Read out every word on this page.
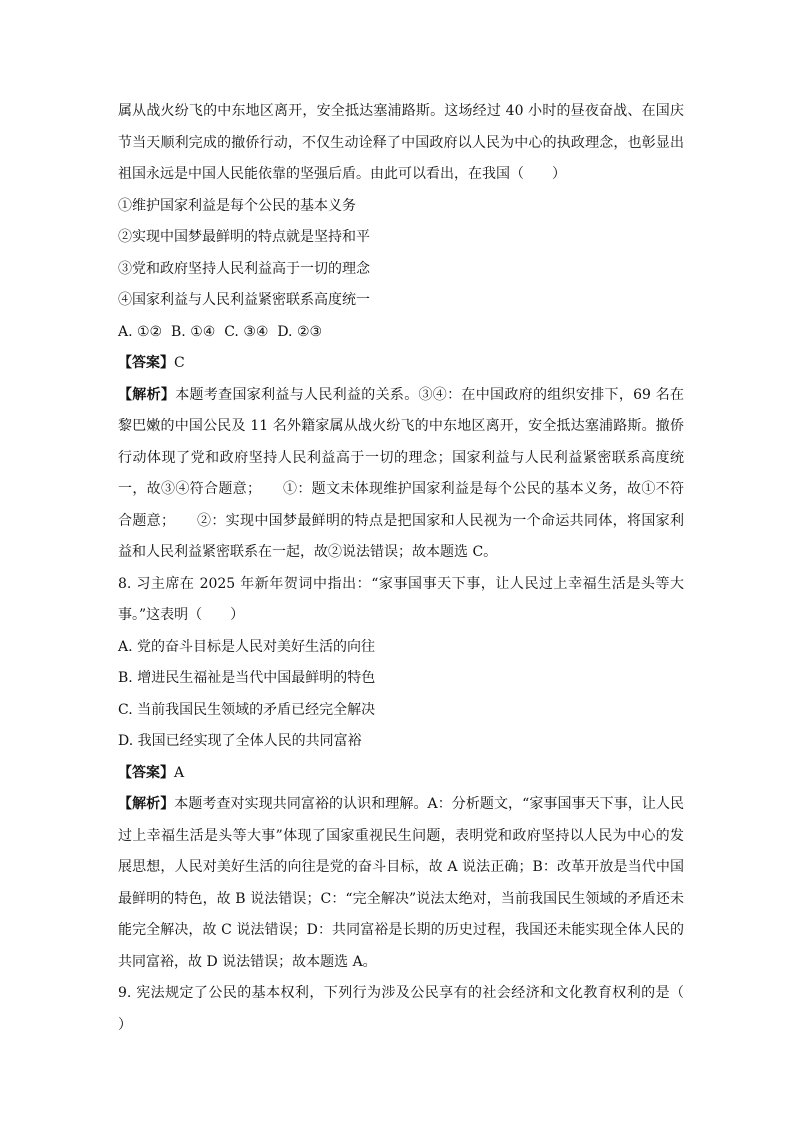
属从战火纷飞的中东地区离开，安全抵达塞浦路斯。这场经过 40 小时的昼夜奋战、在国庆节当天顺利完成的撤侨行动，不仅生动诠释了中国政府以人民为中心的执政理念，也彰显出祖国永远是中国人民能依靠的坚强后盾。由此可以看出，在我国（　　）
①维护国家利益是每个公民的基本义务
②实现中国梦最鲜明的特点就是坚持和平
③党和政府坚持人民利益高于一切的理念
④国家利益与人民利益紧密联系高度统一
A. ①②  B. ①④  C. ③④  D. ②③
【答案】C
【解析】本题考查国家利益与人民利益的关系。③④：在中国政府的组织安排下，69 名在黎巴嫩的中国公民及 11 名外籍家属从战火纷飞的中东地区离开，安全抵达塞浦路斯。撤侨行动体现了党和政府坚持人民利益高于一切的理念；国家利益与人民利益紧密联系高度统一，故③④符合题意；　　①：题文未体现维护国家利益是每个公民的基本义务，故①不符合题意；　　②：实现中国梦最鲜明的特点是把国家和人民视为一个命运共同体，将国家利益和人民利益紧密联系在一起，故②说法错误；故本题选 C。
8. 习主席在 2025 年新年贺词中指出：“家事国事天下事，让人民过上幸福生活是头等大事。”这表明（　　）
A. 党的奋斗目标是人民对美好生活的向往
B. 增进民生福祉是当代中国最鲜明的特色
C. 当前我国民生领域的矛盾已经完全解决
D. 我国已经实现了全体人民的共同富裕
【答案】A
【解析】本题考查对实现共同富裕的认识和理解。A：分析题文，“家事国事天下事，让人民过上幸福生活是头等大事”体现了国家重视民生问题，表明党和政府坚持以人民为中心的发展思想，人民对美好生活的向往是党的奋斗目标，故 A 说法正确；B：改革开放是当代中国最鲜明的特色，故 B 说法错误；C：“完全解决”说法太绝对，当前我国民生领域的矛盾还未能完全解决，故 C 说法错误；D：共同富裕是长期的历史过程，我国还未能实现全体人民的共同富裕，故 D 说法错误；故本题选 A。
9. 宪法规定了公民的基本权利，下列行为涉及公民享有的社会经济和文化教育权利的是（　　）
